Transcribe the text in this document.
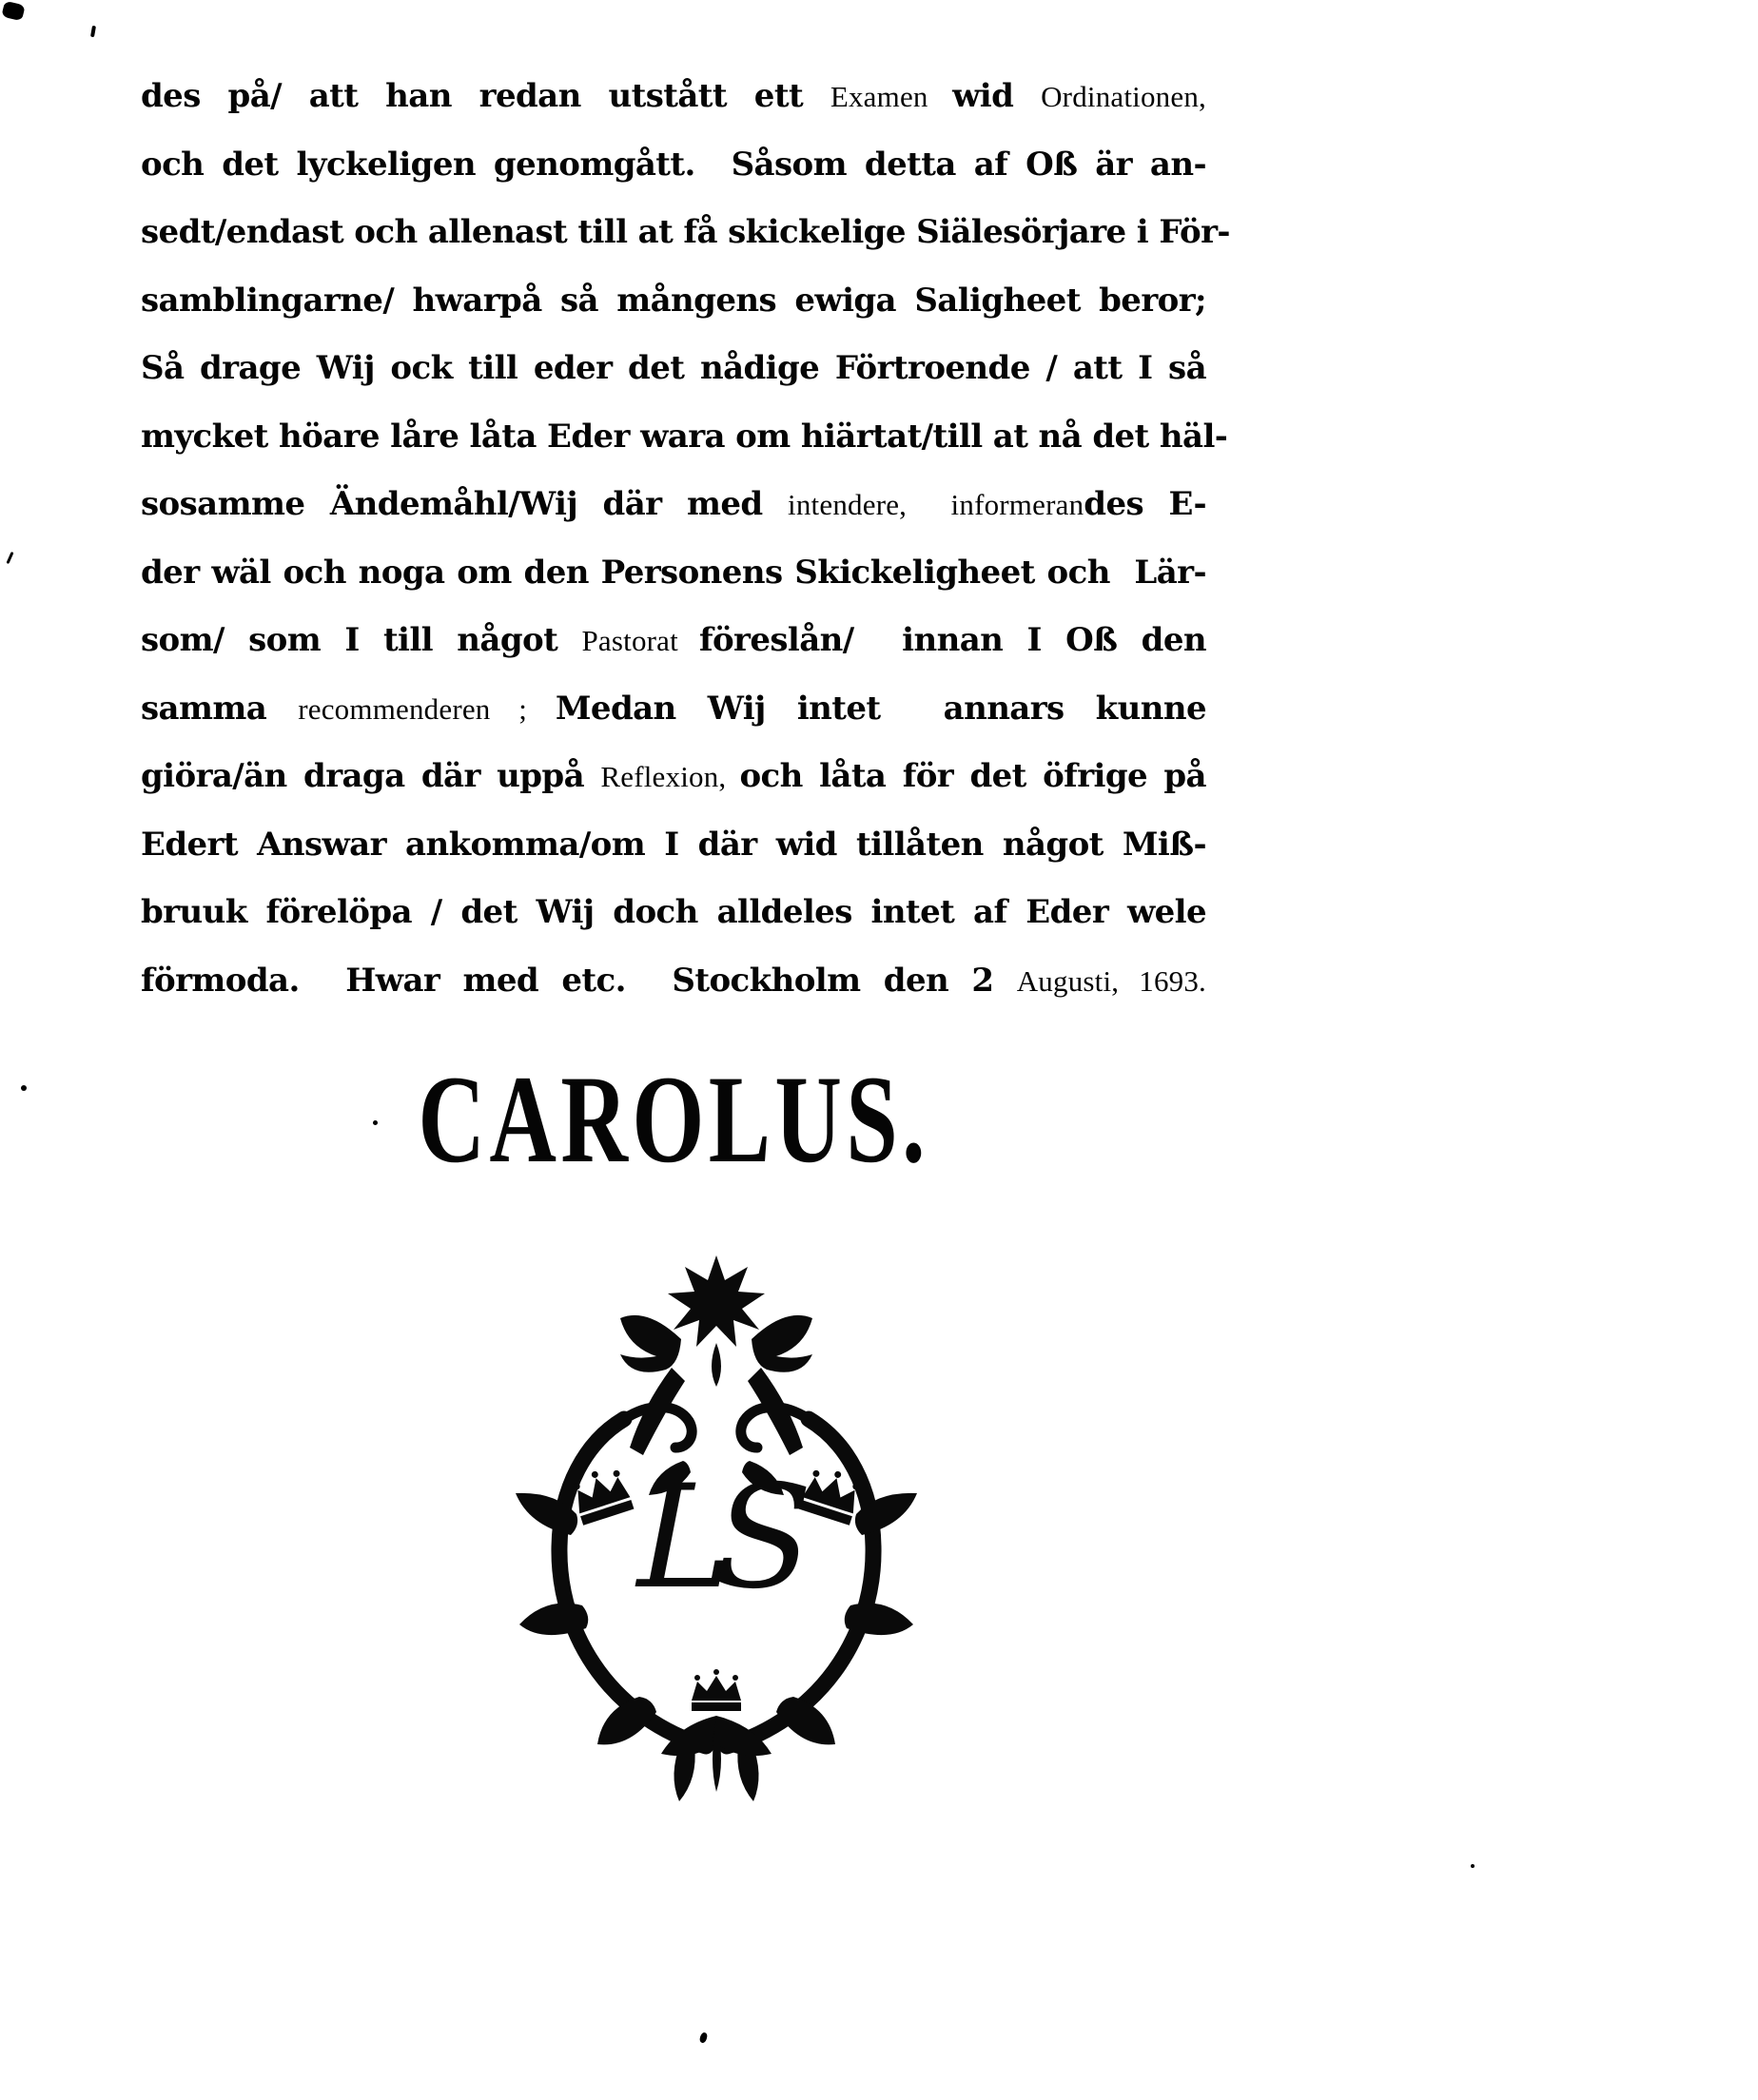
des på/ att han redan utstått ett Examen wid Ordinationen,
och det lyckeligen genomgått.  Såsom detta af Oß är an-
sedt/endast och allenast till at få skickelige Siälesörjare i För-
samblingarne/ hwarpå så mångens ewiga Saligheet beror;
Så drage Wij ock till eder det nådige Förtroende / att I så
mycket höare låre låta Eder wara om hiärtat/till at nå det häl-
sosamme Ändemåhl/Wij där med intendere,  informerandes E-
der wäl och noga om den Personens Skickeligheet och  Lär-
som/ som I till något Pastorat föreslån/  innan I Oß den
samma recommenderen ; Medan Wij intet  annars kunne
giöra/än draga där uppå Reflexion, och låta för det öfrige på
Edert Answar ankomma/om I där wid tillåten något Miß-
bruuk förelöpa / det Wij doch alldeles intet af Eder wele
förmoda.  Hwar med etc.  Stockholm den 2 Augusti, 1693.
CAROLUS.
LS
